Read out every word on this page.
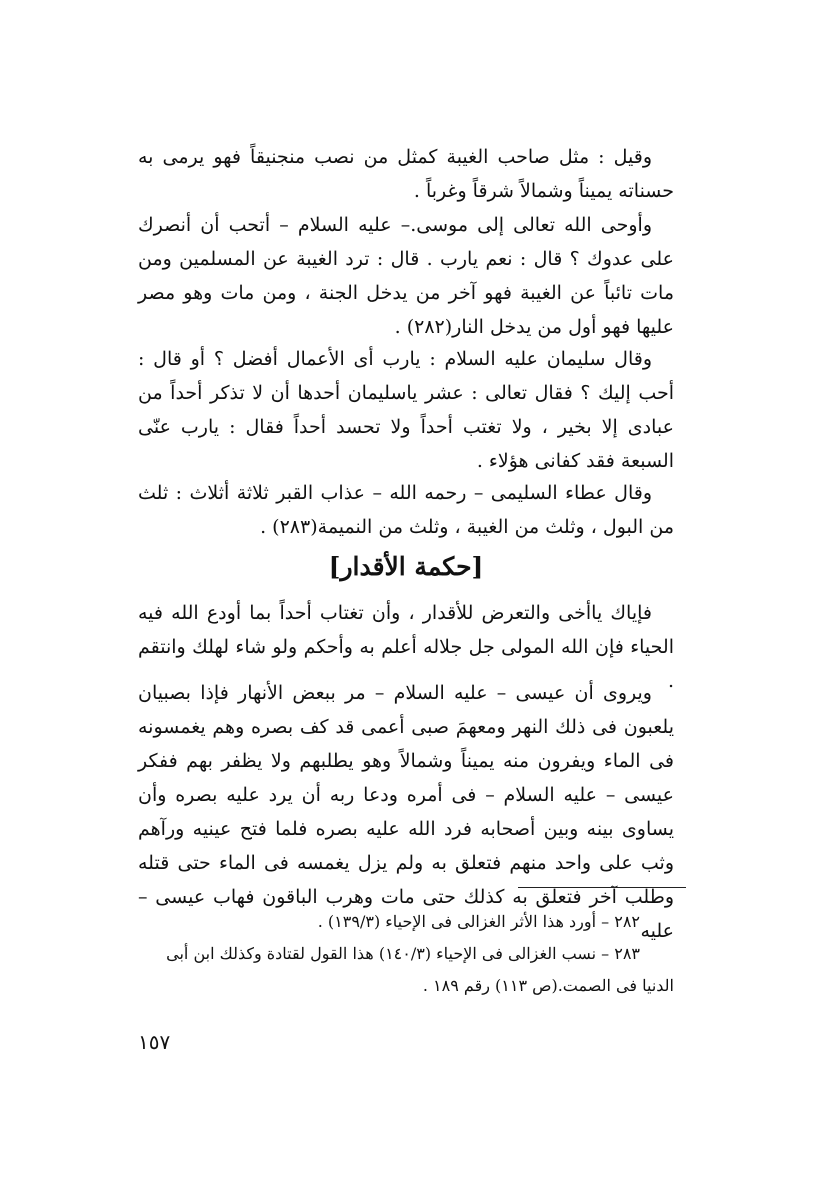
وقيل : مثل صاحب الغيبة كمثل من نصب منجنيقاً فهو يرمى به حسناته يميناً وشمالاً شرقاً وغرباً .

وأوحى الله تعالى إلى موسى.– عليه السلام – أتحب أن أنصرك على عدوك ؟ قال : نعم يارب . قال : ترد الغيبة عن المسلمين ومن مات تائباً عن الغيبة فهو آخر من يدخل الجنة ، ومن مات وهو مصر عليها فهو أول من يدخل النار(٢٨٢) .

وقال سليمان عليه السلام : يارب أى الأعمال أفضل ؟ أو قال : أحب إليك ؟ فقال تعالى : عشر ياسليمان أحدها أن لا تذكر أحداً من عبادى إلا بخير ، ولا تغتب أحداً ولا تحسد أحداً فقال : يارب عنّى السبعة فقد كفانى هؤلاء .

وقال عطاء السليمى – رحمه الله – عذاب القبر ثلاثة أثلاث : ثلث من البول ، وثلث من الغيبة ، وثلث من النميمة(٢٨٣) .

[حكمة الأقدار]

فإياك ياأخى والتعرض للأقدار ، وأن تغتاب أحداً بما أودع الله فيه الحياء فإن الله المولى جل جلاله أعلم به وأحكم ولو شاء لهلك وانتقم .

ويروى أن عيسى – عليه السلام – مر ببعض الأنهار فإذا بصبيان يلعبون فى ذلك النهر ومعهمَ صبى أعمى قد كف بصره وهم يغمسونه فى الماء ويفرون منه يميناً وشمالاً وهو يطلبهم ولا يظفر بهم ففكر عيسى – عليه السلام – فى أمره ودعا ربه أن يرد عليه بصره وأن يساوى بينه وبين أصحابه فرد الله عليه بصره فلما فتح عينيه ورآهم وثب على واحد منهم فتعلق به ولم يزل يغمسه فى الماء حتى قتله وطلب آخر فتعلق به كذلك حتى مات وهرب الباقون فهاب عيسى – عليه

٢٨٢ – أورد هذا الأثر الغزالى فى الإحياء (١٣٩/٣) .

٢٨٣ – نسب الغزالى فى الإحياء (١٤٠/٣) هذا القول لقتادة وكذلك ابن أبى الدنيا فى الصمت.(ص ١١٣) رقم ١٨٩ .

١٥٧
